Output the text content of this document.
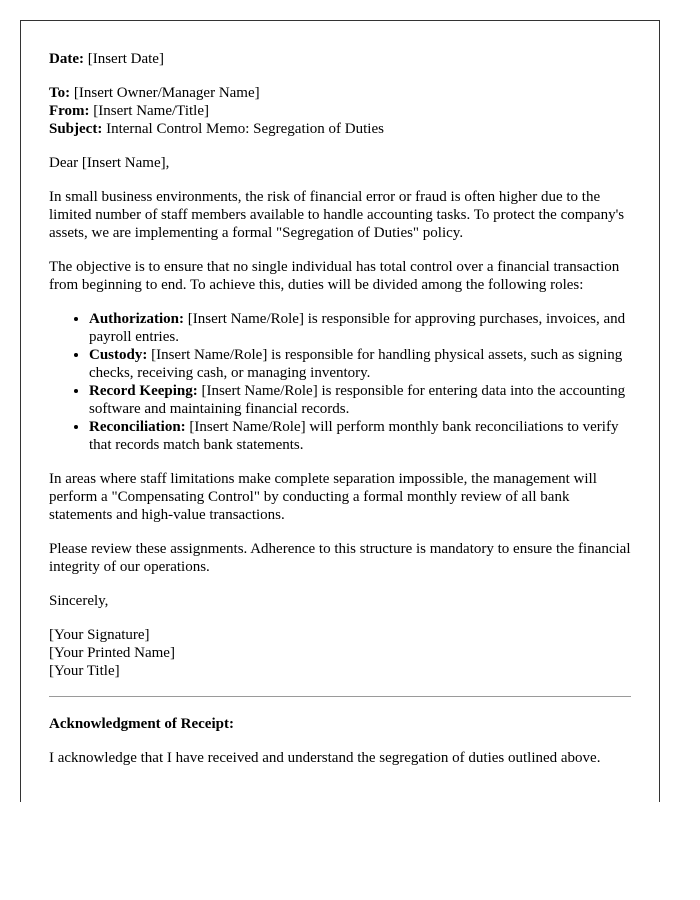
Date: [Insert Date]

To: [Insert Owner/Manager Name]

From: [Insert Name/Title]

Subject: Internal Control Memo: Segregation of Duties

Dear [Insert Name],

In small business environments, the risk of financial error or fraud is often higher due to the limited number of staff members available to handle accounting tasks. To protect the company's assets, we are implementing a formal "Segregation of Duties" policy.

The objective is to ensure that no single individual has total control over a financial transaction from beginning to end. To achieve this, duties will be divided among the following roles:

• Authorization: [Insert Name/Role] is responsible for approving purchases, invoices, and payroll entries.
• Custody: [Insert Name/Role] is responsible for handling physical assets, such as signing checks, receiving cash, or managing inventory.
• Record Keeping: [Insert Name/Role] is responsible for entering data into the accounting software and maintaining financial records.
• Reconciliation: [Insert Name/Role] will perform monthly bank reconciliations to verify that records match bank statements.

In areas where staff limitations make complete separation impossible, the management will perform a "Compensating Control" by conducting a formal monthly review of all bank statements and high-value transactions.

Please review these assignments. Adherence to this structure is mandatory to ensure the financial integrity of our operations.

Sincerely,

[Your Signature]

[Your Printed Name]

[Your Title]

Acknowledgment of Receipt:

I acknowledge that I have received and understand the segregation of duties outlined above.
